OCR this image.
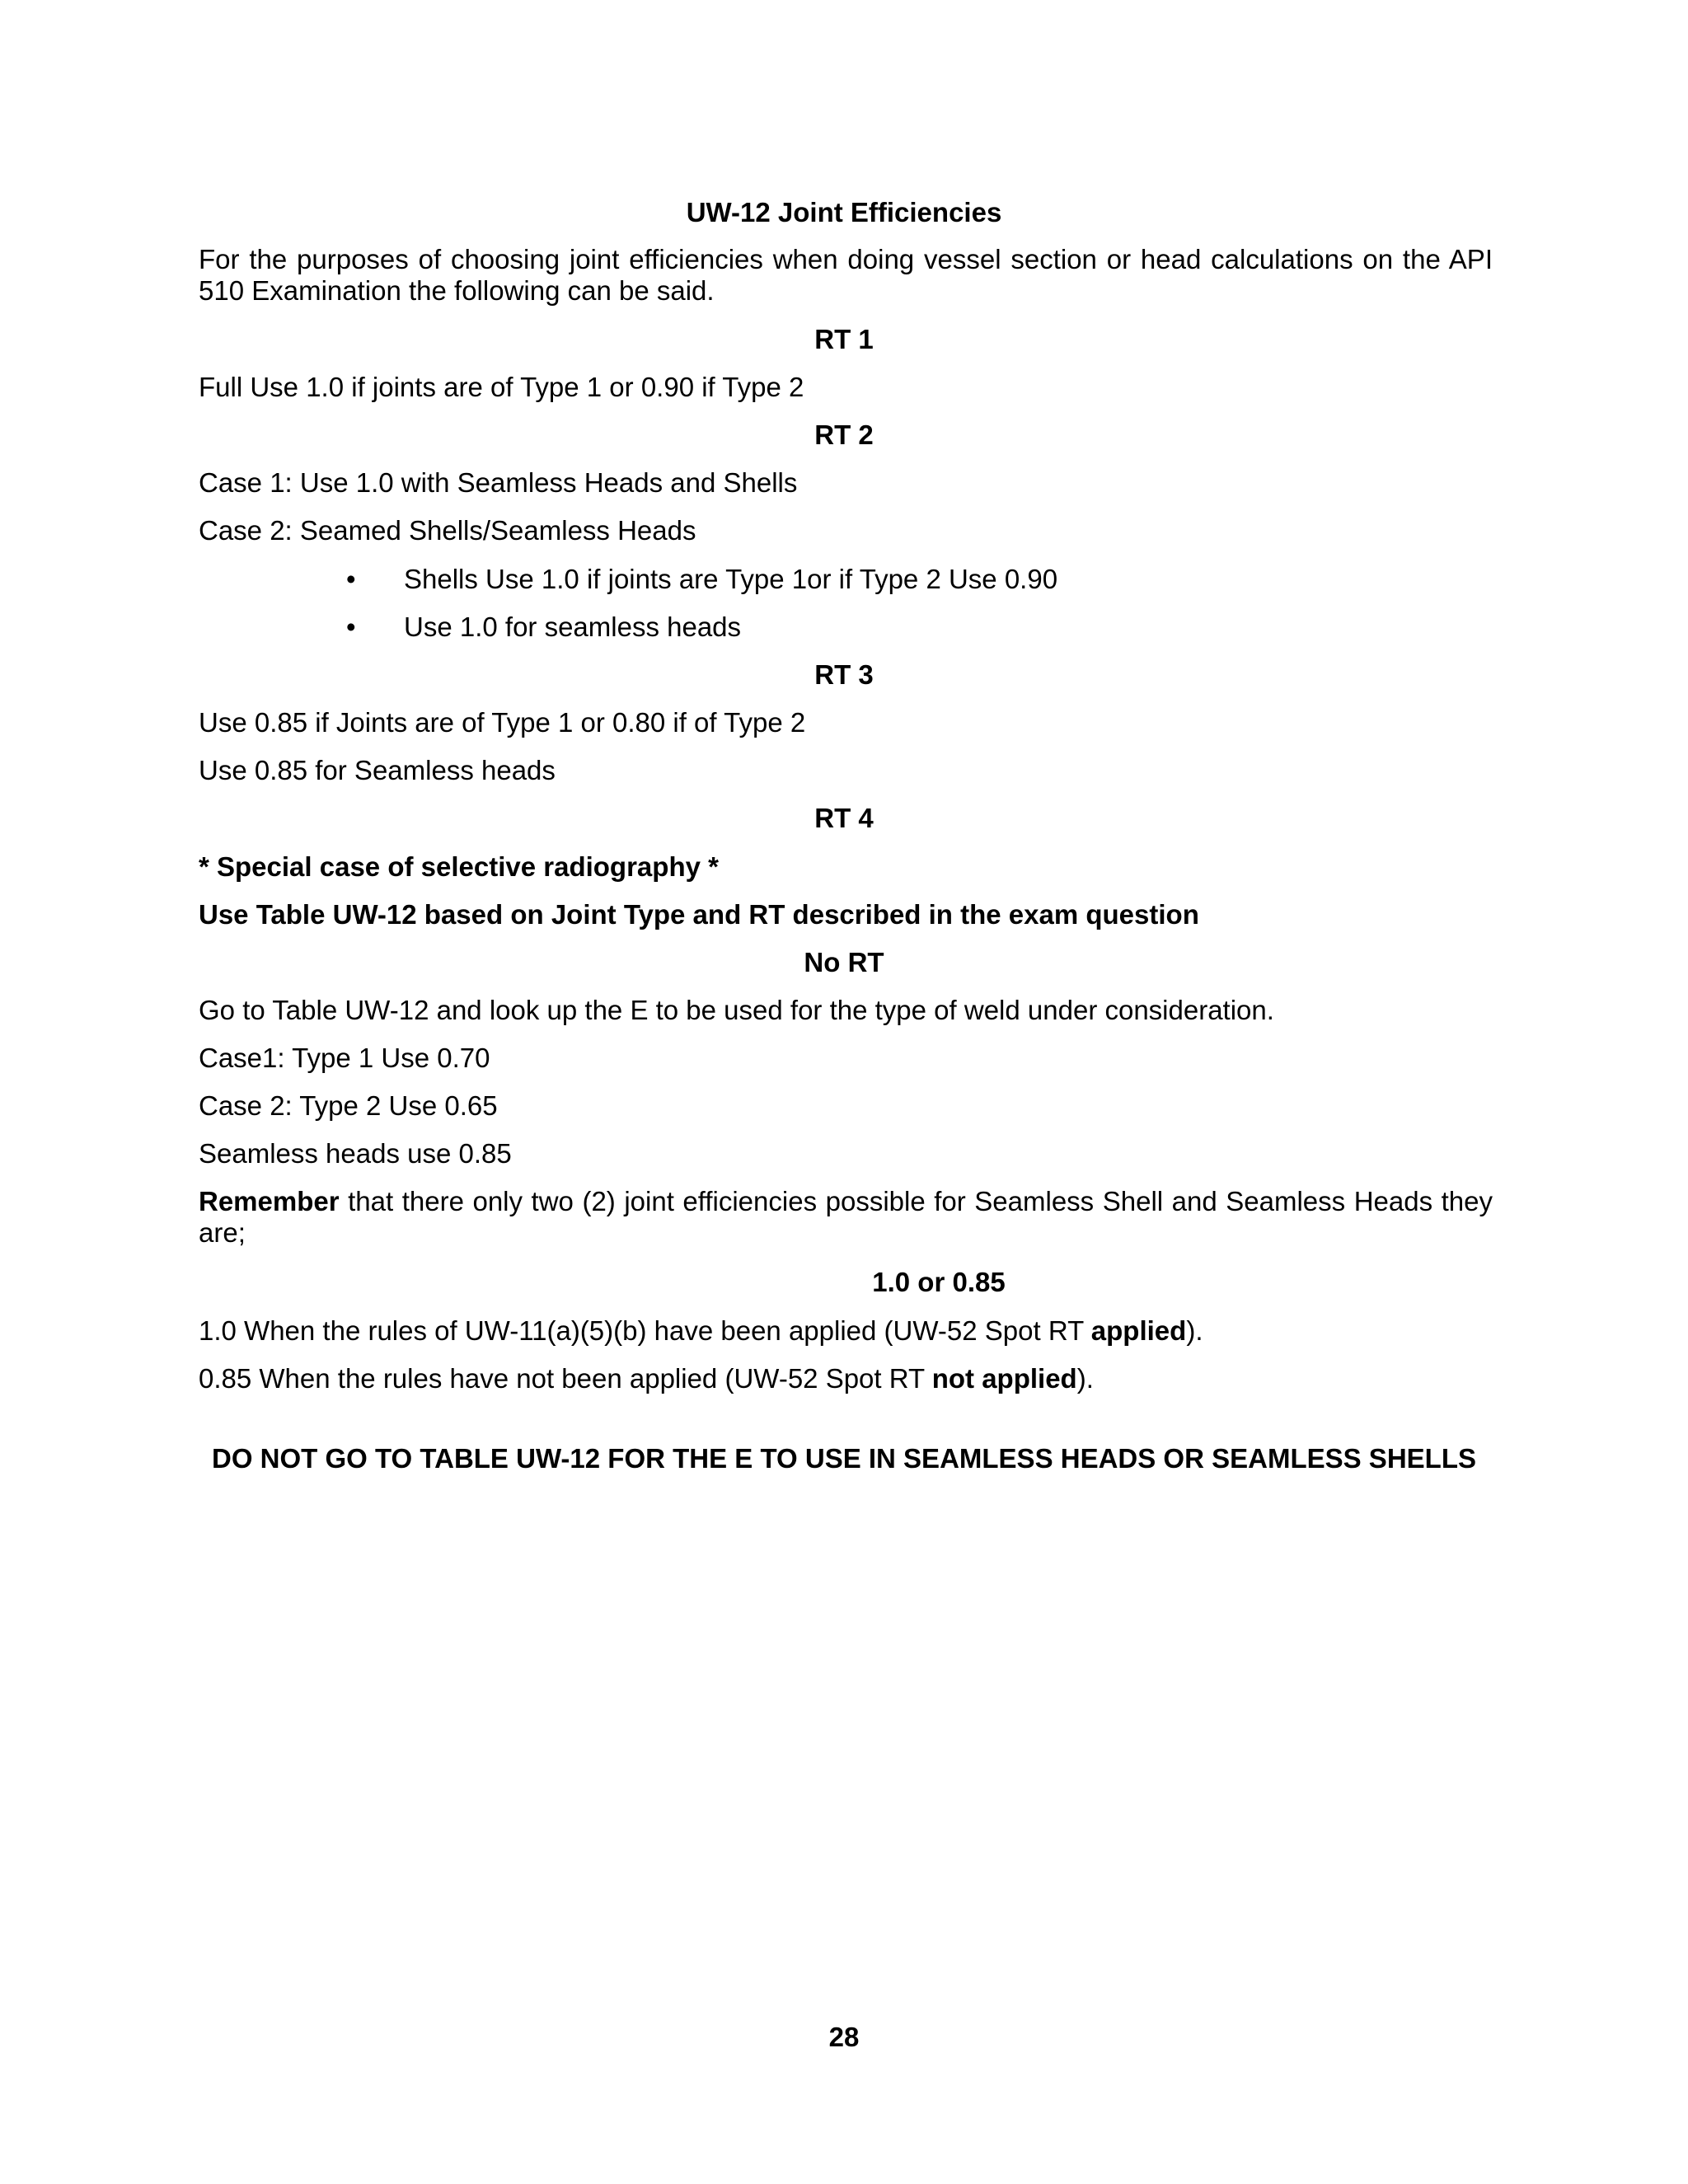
UW-12 Joint Efficiencies
For the purposes of choosing joint efficiencies when doing vessel section or head calculations on the API 510 Examination the following can be said.
RT 1
Full Use 1.0 if joints are of Type 1 or 0.90 if Type 2
RT 2
Case 1: Use 1.0 with Seamless Heads and Shells
Case 2: Seamed Shells/Seamless Heads
• Shells Use 1.0 if joints are Type 1or if Type 2 Use 0.90
• Use 1.0 for seamless heads
RT 3
Use 0.85 if Joints are of Type 1 or 0.80 if of Type 2
Use 0.85 for Seamless heads
RT 4
* Special case of selective radiography *
Use Table UW-12 based on Joint Type and RT described in the exam question
No RT
Go to Table UW-12 and look up the E to be used for the type of weld under consideration.
Case1: Type 1 Use 0.70
Case 2: Type 2 Use 0.65
Seamless heads use 0.85
Remember that there only two (2) joint efficiencies possible for Seamless Shell and Seamless Heads they are;
1.0 or 0.85
1.0 When the rules of UW-11(a)(5)(b) have been applied (UW-52 Spot RT applied).
0.85 When the rules have not been applied (UW-52 Spot RT not applied).
DO NOT GO TO TABLE UW-12 FOR THE E TO USE IN SEAMLESS HEADS OR SEAMLESS SHELLS
28
